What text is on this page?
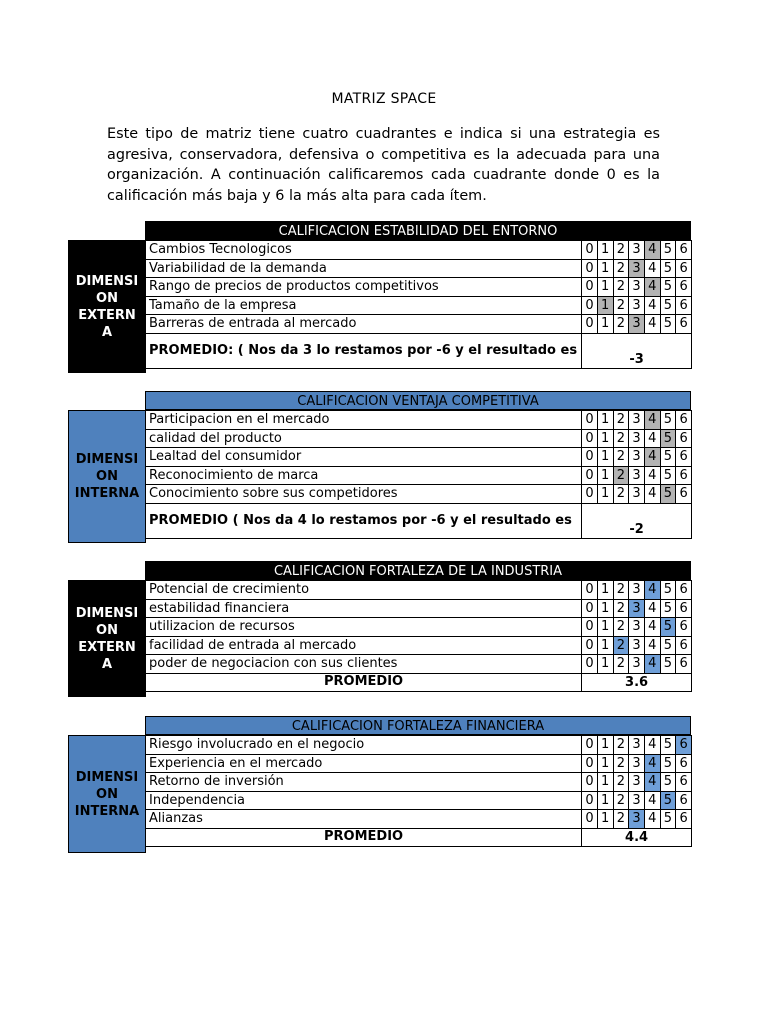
MATRIZ SPACE
Este tipo de matriz tiene cuatro cuadrantes e indica si una estrategia es agresiva, conservadora, defensiva o competitiva es la adecuada para una organización. A continuación calificaremos cada cuadrante donde 0 es la calificación más baja y 6 la más alta para cada ítem.
CALIFICACION ESTABILIDAD DEL ENTORNO
DIMENSI ON EXTERN A
Cambios Tecnologicos	0	1	2	3	4	5	6
Variabilidad de la demanda	0	1	2	3	4	5	6
Rango de precios de productos competitivos	0	1	2	3	4	5	6
Tamaño de la empresa	0	1	2	3	4	5	6
Barreras de entrada al mercado	0	1	2	3	4	5	6
PROMEDIO: ( Nos da 3 lo restamos por -6 y el resultado es	-3						
CALIFICACION VENTAJA COMPETITIVA
DIMENSI ON INTERNA
Participacion en el mercado	0	1	2	3	4	5	6
calidad del producto	0	1	2	3	4	5	6
Lealtad del consumidor	0	1	2	3	4	5	6
Reconocimiento de marca	0	1	2	3	4	5	6
Conocimiento sobre sus competidores	0	1	2	3	4	5	6
PROMEDIO ( Nos da 4 lo restamos por -6 y el resultado es	-2						
CALIFICACION FORTALEZA DE LA INDUSTRIA
DIMENSI ON EXTERN A
Potencial de crecimiento	0	1	2	3	4	5	6
estabilidad financiera	0	1	2	3	4	5	6
utilizacion de recursos	0	1	2	3	4	5	6
facilidad de entrada al mercado	0	1	2	3	4	5	6
poder de negociacion con sus clientes	0	1	2	3	4	5	6
PROMEDIO	3.6						
CALIFICACION FORTALEZA FINANCIERA
DIMENSI ON INTERNA
Riesgo involucrado en el negocio	0	1	2	3	4	5	6
Experiencia en el mercado	0	1	2	3	4	5	6
Retorno de inversión	0	1	2	3	4	5	6
Independencia	0	1	2	3	4	5	6
Alianzas	0	1	2	3	4	5	6
PROMEDIO	4.4						
